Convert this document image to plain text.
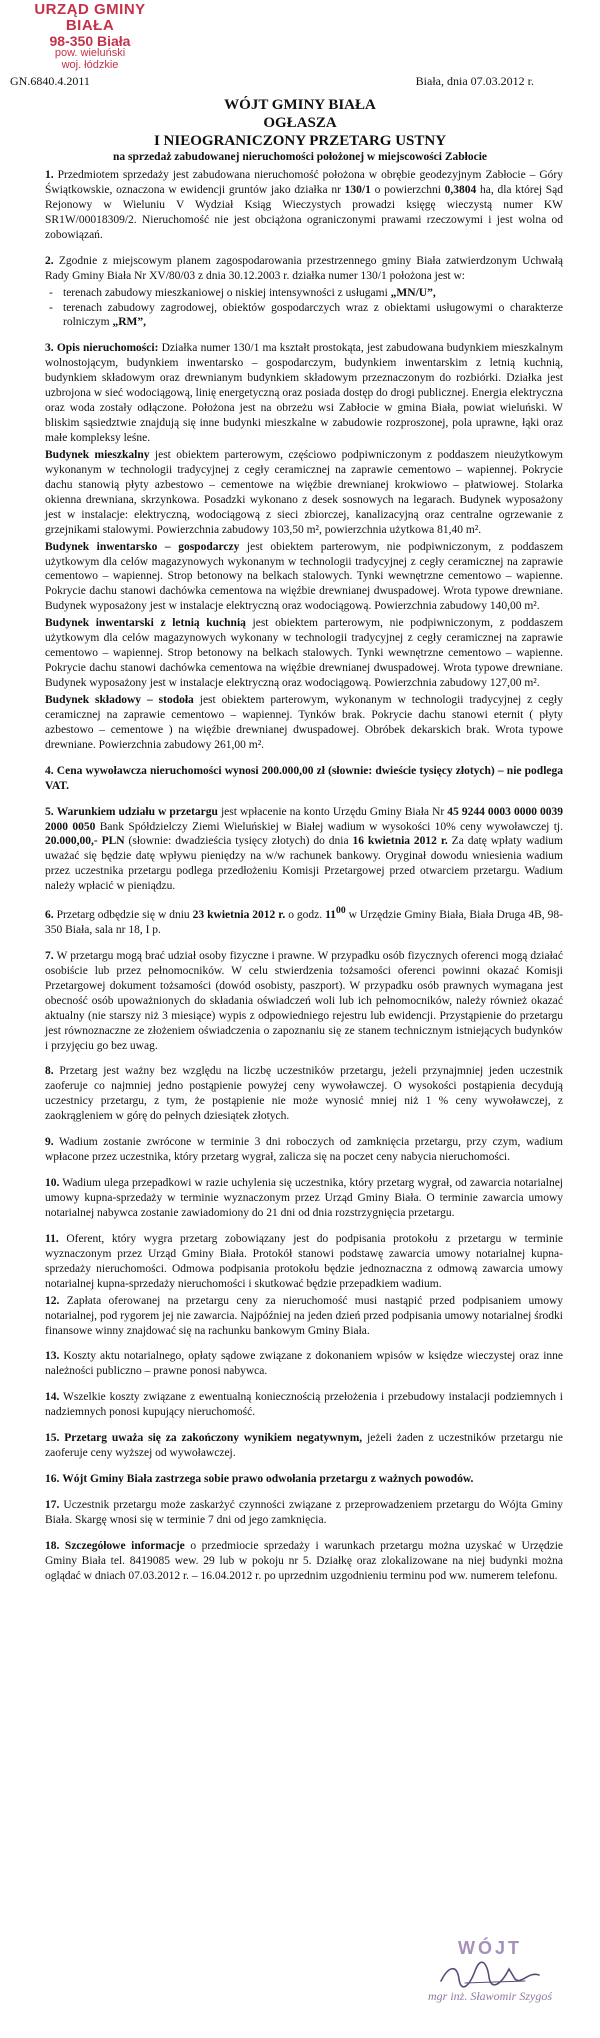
URZĄD GMINY BIAŁA
98-350 Biała
pow. wieluński
woj. łódzkie
GN.6840.4.2011	Biała, dnia 07.03.2012 r.
WÓJT GMINY BIAŁA
OGŁASZA
I NIEOGRANICZONY PRZETARG USTNY
na sprzedaż zabudowanej nieruchomości położonej w miejscowości Zabłocie

1. Przedmiotem sprzedaży jest zabudowana nieruchomość położona w obrębie geodezyjnym Zabłocie – Góry Świątkowskie, oznaczona w ewidencji gruntów jako działka nr 130/1 o powierzchni 0,3804 ha, dla której Sąd Rejonowy w Wieluniu V Wydział Ksiąg Wieczystych prowadzi księgę wieczystą numer KW SR1W/00018309/2. Nieruchomość nie jest obciążona ograniczonymi prawami rzeczowymi i jest wolna od zobowiązań.

2. Zgodnie z miejscowym planem zagospodarowania przestrzennego gminy Biała zatwierdzonym Uchwałą Rady Gminy Biała Nr XV/80/03 z dnia 30.12.2003 r. działka numer 130/1 położona jest w:

- terenach zabudowy mieszkaniowej o niskiej intensywności z usługami „MN/U”,
- terenach zabudowy zagrodowej, obiektów gospodarczych wraz z obiektami usługowymi o charakterze rolniczym „RM”,

3. Opis nieruchomości: Działka numer 130/1 ma kształt prostokąta, jest zabudowana budynkiem mieszkalnym wolnostojącym, budynkiem inwentarsko – gospodarczym, budynkiem inwentarskim z letnią kuchnią, budynkiem składowym oraz drewnianym budynkiem składowym przeznaczonym do rozbiórki. Działka jest uzbrojona w sieć wodociągową, linię energetyczną oraz posiada dostęp do drogi publicznej. Energia elektryczna oraz woda zostały odłączone. Położona jest na obrzeżu wsi Zabłocie w gmina Biała, powiat wieluński. W bliskim sąsiedztwie znajdują się inne budynki mieszkalne w zabudowie rozproszonej, pola uprawne, łąki oraz małe kompleksy leśne.

Budynek mieszkalny jest obiektem parterowym, częściowo podpiwniczonym z poddaszem nieużytkowym wykonanym w technologii tradycyjnej z cegły ceramicznej na zaprawie cementowo – wapiennej. Pokrycie dachu stanowią płyty azbestowo – cementowe na więźbie drewnianej krokwiowo – płatwiowej. Stolarka okienna drewniana, skrzynkowa. Posadzki wykonano z desek sosnowych na legarach. Budynek wyposażony jest w instalacje: elektryczną, wodociągową z sieci zbiorczej, kanalizacyjną oraz centralne ogrzewanie z grzejnikami stalowymi. Powierzchnia zabudowy 103,50 m², powierzchnia użytkowa 81,40 m².

Budynek inwentarsko – gospodarczy jest obiektem parterowym, nie podpiwniczonym, z poddaszem użytkowym dla celów magazynowych wykonanym w technologii tradycyjnej z cegły ceramicznej na zaprawie cementowo – wapiennej. Strop betonowy na belkach stalowych. Tynki wewnętrzne cementowo – wapienne. Pokrycie dachu stanowi dachówka cementowa na więźbie drewnianej dwuspadowej. Wrota typowe drewniane. Budynek wyposażony jest w instalacje elektryczną oraz wodociągową. Powierzchnia zabudowy 140,00 m².

Budynek inwentarski z letnią kuchnią jest obiektem parterowym, nie podpiwniczonym, z poddaszem użytkowym dla celów magazynowych wykonany w technologii tradycyjnej z cegły ceramicznej na zaprawie cementowo – wapiennej. Strop betonowy na belkach stalowych. Tynki wewnętrzne cementowo – wapienne. Pokrycie dachu stanowi dachówka cementowa na więźbie drewnianej dwuspadowej. Wrota typowe drewniane. Budynek wyposażony jest w instalacje elektryczną oraz wodociągową. Powierzchnia zabudowy 127,00 m².

Budynek składowy – stodoła jest obiektem parterowym, wykonanym w technologii tradycyjnej z cegły ceramicznej na zaprawie cementowo – wapiennej. Tynków brak. Pokrycie dachu stanowi eternit ( płyty azbestowo – cementowe ) na więźbie drewnianej dwuspadowej. Obróbek dekarskich brak. Wrota typowe drewniane. Powierzchnia zabudowy 261,00 m².

4. Cena wywoławcza nieruchomości wynosi 200.000,00 zł (słownie: dwieście tysięcy złotych) – nie podlega VAT.

5. Warunkiem udziału w przetargu jest wpłacenie na konto Urzędu Gminy Biała Nr 45 9244 0003 0000 0039 2000 0050 Bank Spółdzielczy Ziemi Wieluńskiej w Białej wadium w wysokości 10% ceny wywoławczej tj. 20.000,00,- PLN (słownie: dwadzieścia tysięcy złotych) do dnia 16 kwietnia 2012 r. Za datę wpłaty wadium uważać się będzie datę wpływu pieniędzy na w/w rachunek bankowy. Oryginał dowodu wniesienia wadium przez uczestnika przetargu podlega przedłożeniu Komisji Przetargowej przed otwarciem przetargu. Wadium należy wpłacić w pieniądzu.

6. Przetarg odbędzie się w dniu 23 kwietnia 2012 r. o godz. $11^{00}$ w Urzędzie Gminy Biała, Biała Druga 4B, 98-350 Biała, sala nr 18, I p.

7. W przetargu mogą brać udział osoby fizyczne i prawne. W przypadku osób fizycznych oferenci mogą działać osobiście lub przez pełnomocników. W celu stwierdzenia tożsamości oferenci powinni okazać Komisji Przetargowej dokument tożsamości (dowód osobisty, paszport). W przypadku osób prawnych wymagana jest obecność osób upoważnionych do składania oświadczeń woli lub ich pełnomocników, należy również okazać aktualny (nie starszy niż 3 miesiące) wypis z odpowiedniego rejestru lub ewidencji. Przystąpienie do przetargu jest równoznaczne ze złożeniem oświadczenia o zapoznaniu się ze stanem technicznym istniejących budynków i przyjęciu go bez uwag.

8. Przetarg jest ważny bez względu na liczbę uczestników przetargu, jeżeli przynajmniej jeden uczestnik zaoferuje co najmniej jedno postąpienie powyżej ceny wywoławczej. O wysokości postąpienia decydują uczestnicy przetargu, z tym, że postąpienie nie może wynosić mniej niż 1 % ceny wywoławczej, z zaokrągleniem w górę do pełnych dziesiątek złotych.

9. Wadium zostanie zwrócone w terminie 3 dni roboczych od zamknięcia przetargu, przy czym, wadium wpłacone przez uczestnika, który przetarg wygrał, zalicza się na poczet ceny nabycia nieruchomości.

10. Wadium ulega przepadkowi w razie uchylenia się uczestnika, który przetarg wygrał, od zawarcia notarialnej umowy kupna-sprzedaży w terminie wyznaczonym przez Urząd Gminy Biała. O terminie zawarcia umowy notarialnej nabywca zostanie zawiadomiony do 21 dni od dnia rozstrzygnięcia przetargu.

11. Oferent, który wygra przetarg zobowiązany jest do podpisania protokołu z przetargu w terminie wyznaczonym przez Urząd Gminy Biała. Protokół stanowi podstawę zawarcia umowy notarialnej kupna-sprzedaży nieruchomości. Odmowa podpisania protokołu będzie jednoznaczna z odmową zawarcia umowy notarialnej kupna-sprzedaży nieruchomości i skutkować będzie przepadkiem wadium.

12. Zapłata oferowanej na przetargu ceny za nieruchomość musi nastąpić przed podpisaniem umowy notarialnej, pod rygorem jej nie zawarcia. Najpóźniej na jeden dzień przed podpisania umowy notarialnej środki finansowe winny znajdować się na rachunku bankowym Gminy Biała.

13. Koszty aktu notarialnego, opłaty sądowe związane z dokonaniem wpisów w księdze wieczystej oraz inne należności publiczno – prawne ponosi nabywca.

14. Wszelkie koszty związane z ewentualną koniecznością przełożenia i przebudowy instalacji podziemnych i nadziemnych ponosi kupujący nieruchomość.

15. Przetarg uważa się za zakończony wynikiem negatywnym, jeżeli żaden z uczestników przetargu nie zaoferuje ceny wyższej od wywoławczej.

16. Wójt Gminy Biała zastrzega sobie prawo odwołania przetargu z ważnych powodów.

17. Uczestnik przetargu może zaskarżyć czynności związane z przeprowadzeniem przetargu do Wójta Gminy Biała. Skargę wnosi się w terminie 7 dni od jego zamknięcia.

18. Szczegółowe informacje o przedmiocie sprzedaży i warunkach przetargu można uzyskać w Urzędzie Gminy Biała tel. 8419085 wew. 29 lub w pokoju nr 5. Działkę oraz zlokalizowane na niej budynki można oglądać w dniach 07.03.2012 r. – 16.04.2012 r. po uprzednim uzgodnieniu terminu pod ww. numerem telefonu.

WÓJT
mgr inż. Sławomir Szygoś
